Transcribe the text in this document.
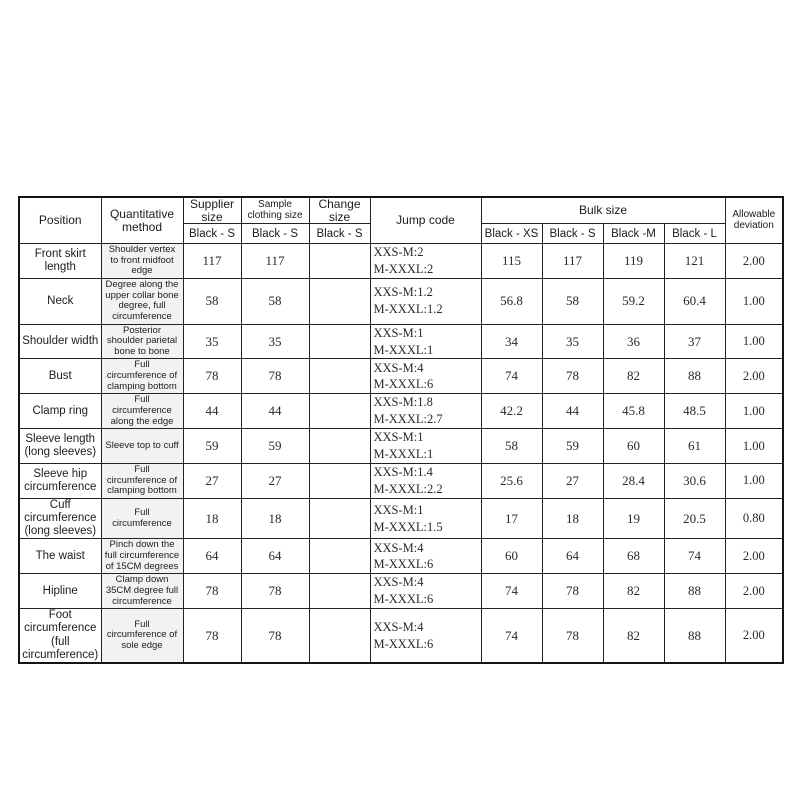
Position	Quantitative method	Supplier size	Sample clothing size	Change size	Jump code	Bulk size				Allowable deviation
		Black - S	Black - S	Black - S		Black - XS	Black - S	Black -M	Black - L	
Front skirt length	Shoulder vertex to front midfoot edge	117	117		XXS-M:2
M-XXXL:2	115	117	119	121	2.00
Neck	Degree along the upper collar bone degree, full circumference	58	58		XXS-M:1.2
M-XXXL:1.2	56.8	58	59.2	60.4	1.00
Shoulder width	Posterior shoulder parietal bone to bone	35	35		XXS-M:1
M-XXXL:1	34	35	36	37	1.00
Bust	Full circumference of clamping bottom	78	78		XXS-M:4
M-XXXL:6	74	78	82	88	2.00
Clamp ring	Full circumference along the edge	44	44		XXS-M:1.8
M-XXXL:2.7	42.2	44	45.8	48.5	1.00
Sleeve length (long sleeves)	Sleeve top to cuff	59	59		XXS-M:1
M-XXXL:1	58	59	60	61	1.00
Sleeve hip circumference	Full circumference of clamping bottom	27	27		XXS-M:1.4
M-XXXL:2.2	25.6	27	28.4	30.6	1.00
Cuff circumference (long sleeves)	Full circumference	18	18		XXS-M:1
M-XXXL:1.5	17	18	19	20.5	0.80
The waist	Pinch down the full circumference of 15CM degrees	64	64		XXS-M:4
M-XXXL:6	60	64	68	74	2.00
Hipline	Clamp down 35CM degree full circumference	78	78		XXS-M:4
M-XXXL:6	74	78	82	88	2.00
Foot circumference (full circumference)	Full circumference of sole edge	78	78		XXS-M:4
M-XXXL:6	74	78	82	88	2.00
